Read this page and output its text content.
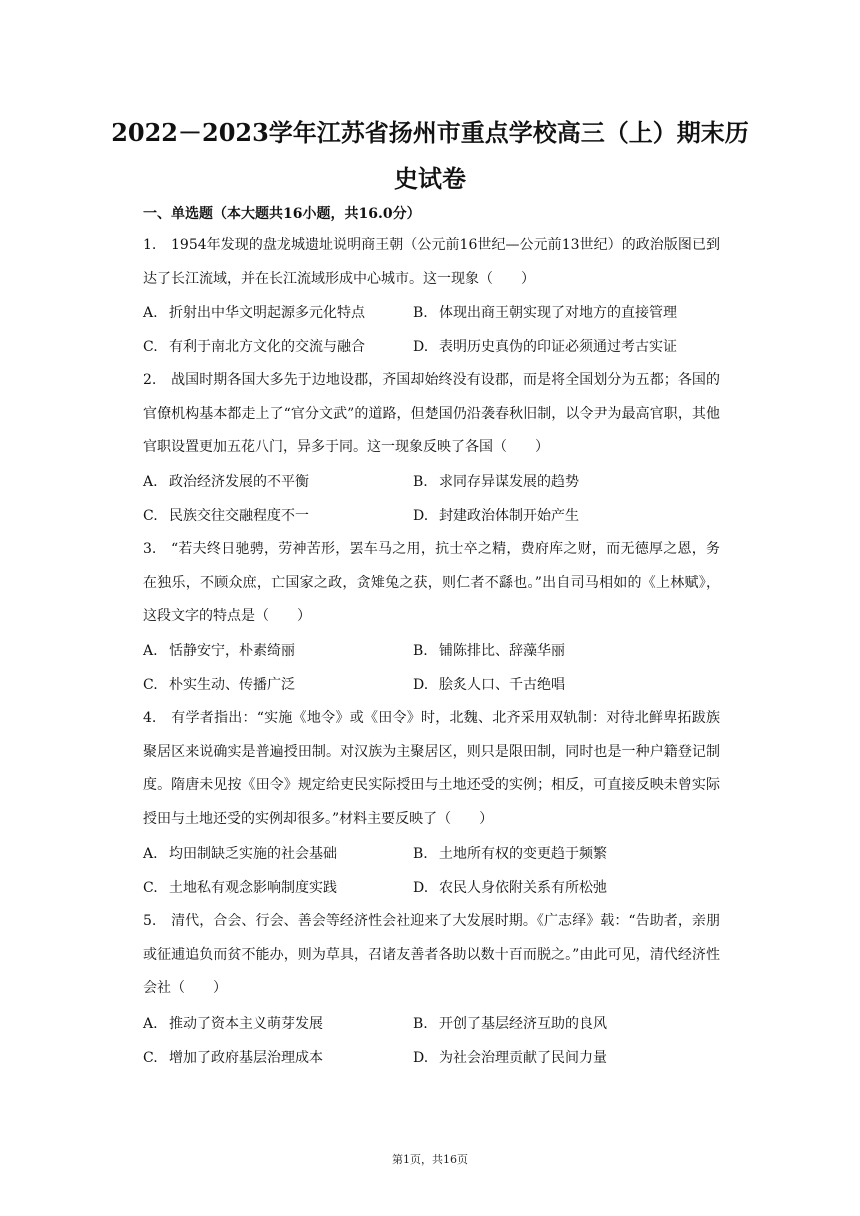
2022－2023学年江苏省扬州市重点学校高三（上）期末历史试卷
一、单选题（本大题共16小题，共16.0分）
1. 1954年发现的盘龙城遗址说明商王朝（公元前16世纪—公元前13世纪）的政治版图已到达了长江流域，并在长江流域形成中心城市。这一现象（　　）
A. 折射出中华文明起源多元化特点	B. 体现出商王朝实现了对地方的直接管理
C. 有利于南北方文化的交流与融合	D. 表明历史真伪的印证必须通过考古实证
2. 战国时期各国大多先于边地设郡，齐国却始终没有设郡，而是将全国划分为五都；各国的官僚机构基本都走上了“官分文武”的道路，但楚国仍沿袭春秋旧制，以令尹为最高官职，其他官职设置更加五花八门，异多于同。这一现象反映了各国（　　）
A. 政治经济发展的不平衡	B. 求同存异谋发展的趋势
C. 民族交往交融程度不一	D. 封建政治体制开始产生
3. “若夫终日驰骋，劳神苦形，罢车马之用，抗士卒之精，费府库之财，而无德厚之恩，务在独乐，不顾众庶，亡国家之政，贪雉兔之获，则仁者不繇也。”出自司马相如的《上林赋》，这段文字的特点是（　　）
A. 恬静安宁，朴素绮丽	B. 铺陈排比、辞藻华丽
C. 朴实生动、传播广泛	D. 脍炙人口、千古绝唱
4. 有学者指出：“实施《地令》或《田令》时，北魏、北齐采用双轨制：对待北鲜卑拓跋族聚居区来说确实是普遍授田制。对汉族为主聚居区，则只是限田制，同时也是一种户籍登记制度。隋唐未见按《田令》规定给吏民实际授田与土地还受的实例；相反，可直接反映未曾实际授田与土地还受的实例却很多。”材料主要反映了（　　）
A. 均田制缺乏实施的社会基础	B. 土地所有权的变更趋于频繁
C. 土地私有观念影响制度实践	D. 农民人身依附关系有所松弛
5. 清代，合会、行会、善会等经济性会社迎来了大发展时期。《广志绎》载：“告助者，亲朋或征逋追负而贫不能办，则为草具，召诸友善者各助以数十百而脱之。”由此可见，清代经济性会社（　　）
A. 推动了资本主义萌芽发展	B. 开创了基层经济互助的良风
C. 增加了政府基层治理成本	D. 为社会治理贡献了民间力量
第1页，共16页
